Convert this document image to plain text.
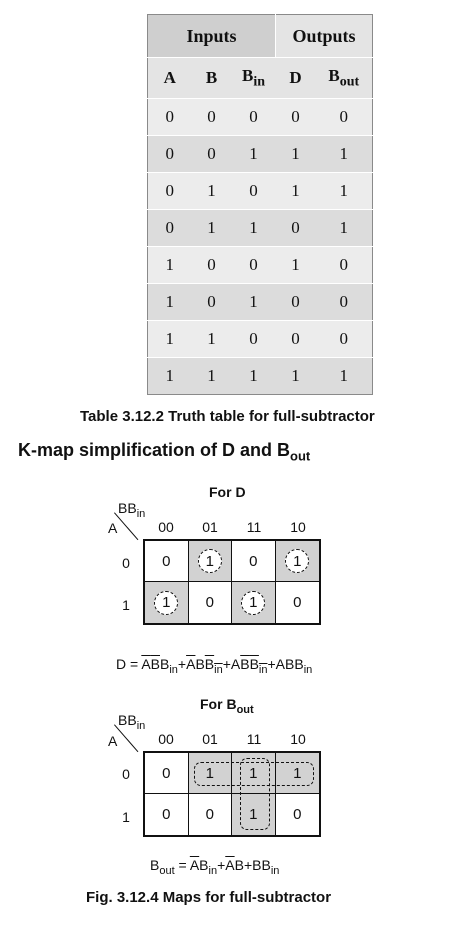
Inputs			Outputs	
A	B	$B_{in}$	D	$B_{out}$
0	0	0	0	0
0	0	1	1	1
0	1	0	1	1
0	1	1	0	1
1	0	0	1	0
1	0	1	0	0
1	1	0	0	0
1	1	1	1	1
Table 3.12.2 Truth table for full-subtractor
K-map simplification of D and $B_{out}$
For D
$BB_{in}$
A	00	01	11	10
0
1
0	1	0	1
1	0	1	0
$D = \overline{A}\overline{B}B_{in}+\overline{A}BB_{in}+A\overline{B}B_{in}+ABB_{in}$
For $B_{out}$
$BB_{in}$
A	00	01	11	10
0
1
0 1 1 1
0 0 1 0
$B_{out} = \overline{A}B_{in}+\overline{A}B+BB_{in}$
Fig. 3.12.4 Maps for full-subtractor
